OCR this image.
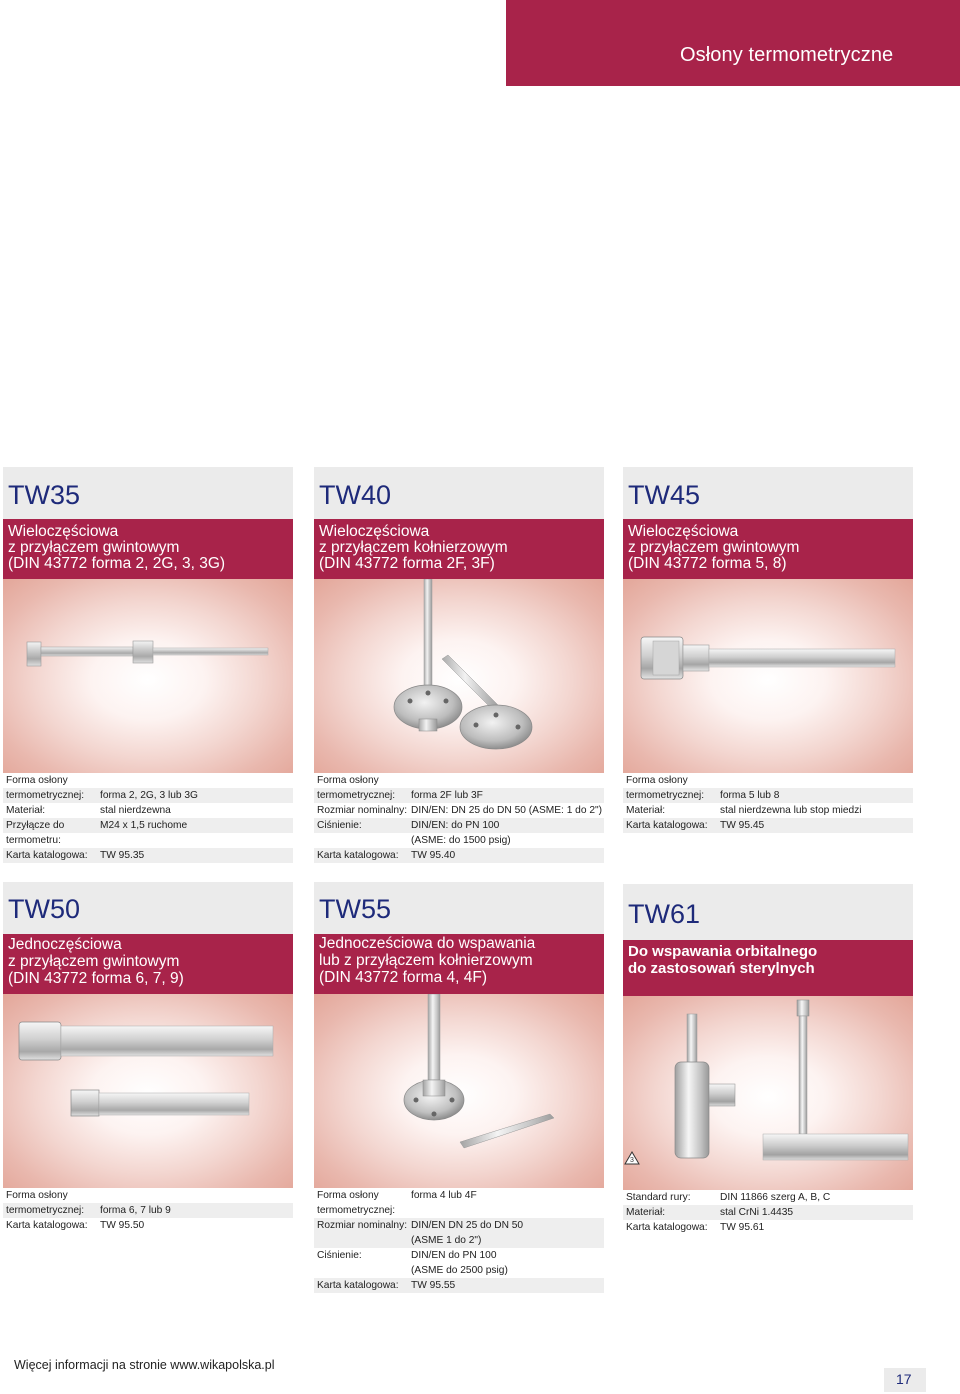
Osłony termometryczne
TW35
Wieloczęściowa
z przyłączem gwintowym
(DIN 43772 forma 2, 2G, 3, 3G)
Forma osłony
termometrycznej: forma 2, 2G, 3 lub 3G
Materiał:	stal nierdzewna
Przyłącze do	M24 x 1,5 ruchome
termometru:
Karta katalogowa: TW 95.35
TW40
Wieloczęściowa
z przyłączem kołnierzowym
(DIN 43772 forma 2F, 3F)
Forma osłony
termometrycznej: forma 2F lub 3F
Rozmiar nominalny: DIN/EN: DN 25 do DN 50 (ASME: 1 do 2")
Ciśnienie:	DIN/EN: do PN 100
(ASME: do 1500 psig)
Karta katalogowa: TW 95.40
TW45
Wieloczęściowa
z przyłączem gwintowym
(DIN 43772 forma 5, 8)
Forma osłony
termometrycznej: forma 5 lub 8
Materiał:	stal nierdzewna lub stop miedzi
Karta katalogowa: TW 95.45
TW50
Jednoczęściowa
z przyłączem gwintowym
(DIN 43772 forma 6, 7, 9)
Forma osłony
termometrycznej: forma 6, 7 lub 9
Karta katalogowa: TW 95.50
TW55
Jednocześciowa do wspawania
lub z przyłączem kołnierzowym
(DIN 43772 forma 4, 4F)
Forma osłony	forma 4 lub 4F
termometrycznej:
Rozmiar nominalny: DIN/EN DN 25 do DN 50
(ASME 1 do 2")
Ciśnienie:	DIN/EN do PN 100
(ASME do 2500 psig)
Karta katalogowa: TW 95.55
TW61
Do wspawania orbitalnego
do zastosowań sterylnych
3
Standard rury:	DIN 11866 szerg A, B, C
Materiał:	stal CrNi 1.4435
Karta katalogowa: TW 95.61
Więcej informacji na stronie www.wikapolska.pl
17
